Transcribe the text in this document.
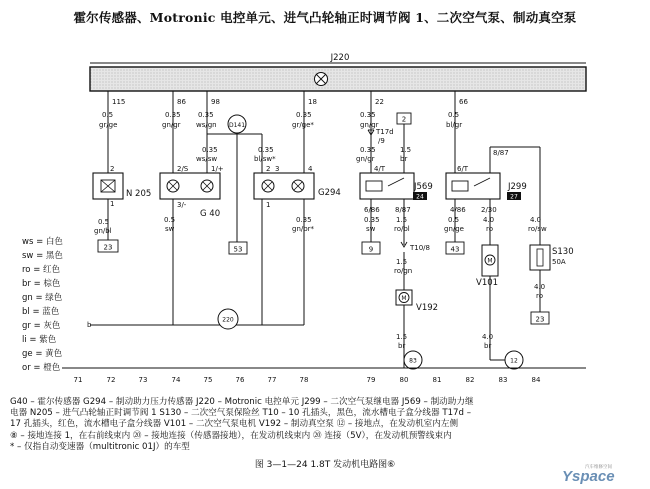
霍尔传感器、Motronic 电控单元、进气凸轮轴正时调节阀 1、二次空气泵、制动真空泵
J220
M
M
115
0.5
gr/ge
86
0.35
gn/gr
98
0.35
ws/gn
18
0.35
gr/ge*
22
0.35
gn/gr
66
0.5
bl/gr
2
1
N 205
2/S	1/+
3/-
G 40
D141
2	4
1
3
G294
2
T17d
/9
4/T
6/86 8/87
J569
24
T10/8
V192
6/T
8/87
4/86 2/30
J299
27
V101
S130
50A
0.5
gn/bl
0.5
sw
0.35
ws/sw
0.35
bl/sw*
0.35
gn/br*
0.35
gn/gr
1.5
br
0.35
sw
1.5
ro/bl
1.5
ro/gn
1.5
br
0.5
gn/ge
4.0
ro
4.0
ro/sw
4.0
ro
4.0
br
23	53	9	43
23
220
83	12
b
ws = 白色
sw = 黑色
ro = 红色
br = 棕色
gn = 绿色
bl = 蓝色
gr = 灰色
li = 紫色
ge = 黄色
or = 橙色
71	72	73	74	75	76	77	78	79	80	81	82	83	84
G40 – 霍尔传感器 G294 – 制动助力压力传感器 J220 – Motronic 电控单元 J299 – 二次空气泵继电器 J569 – 制动助力继
电器 N205 – 进气凸轮轴正时调节阀 1 S130 – 二次空气泵保险丝 T10 – 10 孔插头，黑色，流水槽电子盒分线器 T17d –
17 孔插头，红色，流水槽电子盒分线器 V101 – 二次空气泵电机 V192 – 制动真空泵 ⑫ – 接地点，在发动机室内左侧
⑧ – 接地连接 1，在右前线束内 ⑳ – 接地连接（传感器接地），在发动机线束内 ⑳ 连接（5V），在发动机预警线束内
* – 仅指自动变速器（multitronic 01J）的车型
图 3—1—24 1.8T 发动机电路图⑥	汽车维修空间
Yspace
